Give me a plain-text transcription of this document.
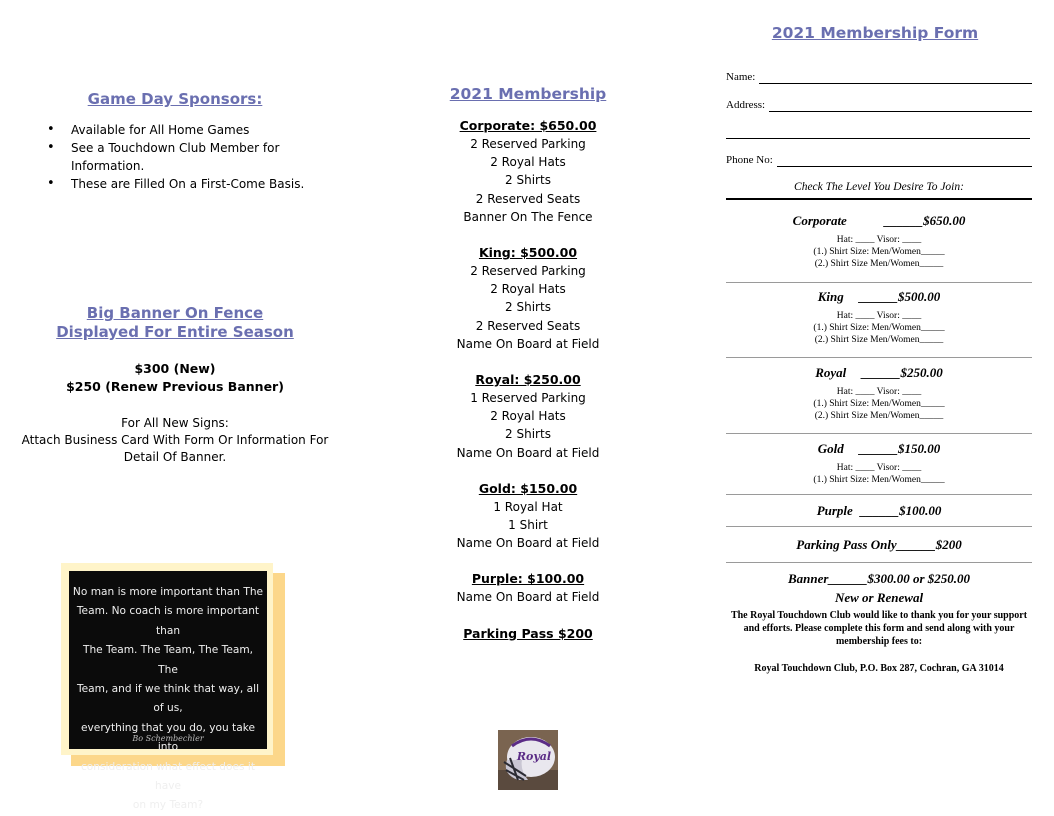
Game Day Sponsors:
• Available for All Home Games
• See a Touchdown Club Member for Information.
• These are Filled On a First-Come Basis.
Big Banner On Fence
Displayed For Entire Season
$300 (New)
$250 (Renew Previous Banner)
For All New Signs:
Attach Business Card With Form Or Information For
Detail Of Banner.
No man is more important than The
Team. No coach is more important than
The Team. The Team, The Team, The
Team, and if we think that way, all of us,
everything that you do, you take into
consideration what effect does it have
on my Team?
Bo Schembechler
2021 Membership
Corporate: $650.00
2 Reserved Parking
2 Royal Hats
2 Shirts
2 Reserved Seats
Banner On The Fence
King: $500.00
2 Reserved Parking
2 Royal Hats
2 Shirts
2 Reserved Seats
Name On Board at Field
Royal: $250.00
1 Reserved Parking
2 Royal Hats
2 Shirts
Name On Board at Field
Gold: $150.00
1 Royal Hat
1 Shirt
Name On Board at Field
Purple: $100.00
Name On Board at Field
Parking Pass $200
Royal
2021 Membership Form
Name:
Address:
Phone No:
Check The Level You Desire To Join:
Corporate	______$650.00
Hat: ____ Visor: ____
(1.) Shirt Size: Men/Women_____
(2.) Shirt Size Men/Women_____
King ______$500.00
Hat: ____ Visor: ____
(1.) Shirt Size: Men/Women_____
(2.) Shirt Size Men/Women_____
Royal ______$250.00
Hat: ____ Visor: ____
(1.) Shirt Size: Men/Women_____
(2.) Shirt Size Men/Women_____
Gold ______$150.00
Hat: ____ Visor: ____
(1.) Shirt Size: Men/Women_____
Purple ______$100.00
Parking Pass Only______$200
Banner______$300.00 or $250.00
New or Renewal
The Royal Touchdown Club would like to thank you for your support and efforts. Please complete this form and send along with your membership fees to:
Royal Touchdown Club, P.O. Box 287, Cochran, GA 31014
